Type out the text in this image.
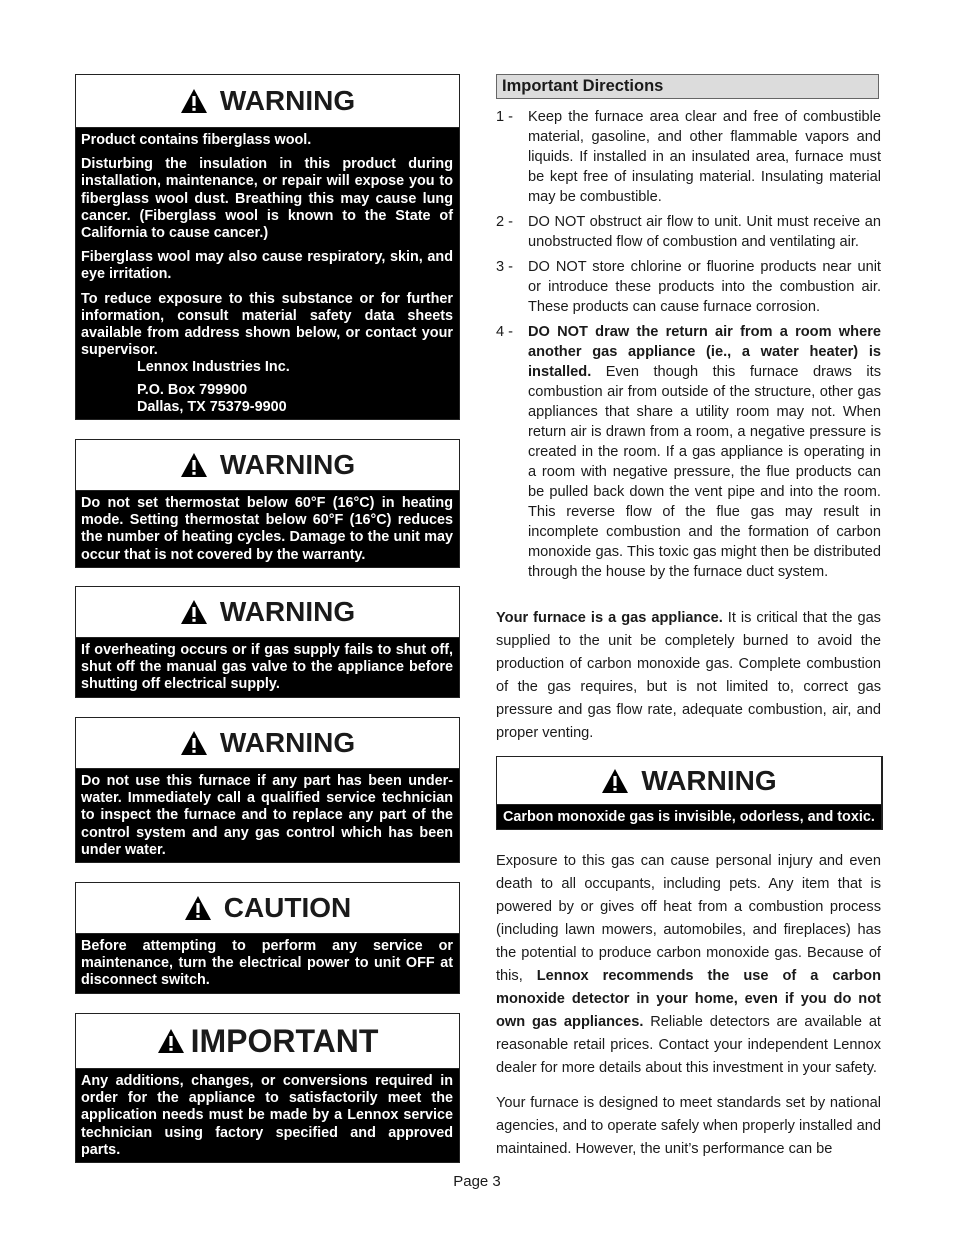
WARNING

Product contains fiberglass wool.

Disturbing the insulation in this product during installation, maintenance, or repair will expose you to fiberglass wool dust. Breathing this may cause lung cancer. (Fiberglass wool is known to the State of California to cause cancer.)

Fiberglass wool may also cause respiratory, skin, and eye irritation.

To reduce exposure to this substance or for further information, consult material safety data sheets available from address shown below, or contact your supervisor.

Lennox Industries Inc.
P.O. Box 799900
Dallas, TX 75379-9900
WARNING

Do not set thermostat below 60°F (16°C) in heating mode. Setting thermostat below 60°F (16°C) reduces the number of heating cycles. Damage to the unit may occur that is not covered by the warranty.

WARNING

If overheating occurs or if gas supply fails to shut off, shut off the manual gas valve to the appliance before shutting off electrical supply.

WARNING

Do not use this furnace if any part has been under-water. Immediately call a qualified service technician to inspect the furnace and to replace any part of the control system and any gas control which has been under water.

CAUTION

Before attempting to perform any service or maintenance, turn the electrical power to unit OFF at disconnect switch.

IMPORTANT

Any additions, changes, or conversions required in order for the appliance to satisfactorily meet the application needs must be made by a Lennox service technician using factory specified and approved parts.

Important Directions
1 -	Keep the furnace area clear and free of combustible material, gasoline, and other flammable vapors and liquids. If installed in an insulated area, furnace must be kept free of insulating material. Insulating material may be combustible.
2 -	DO NOT obstruct air flow to unit. Unit must receive an unobstructed flow of combustion and ventilating air.
3 -	DO NOT store chlorine or fluorine products near unit or introduce these products into the combustion air. These products can cause furnace corrosion.
4 -	DO NOT draw the return air from a room where another gas appliance (ie., a water heater) is installed. Even though this furnace draws its combustion air from outside of the structure, other gas appliances that share a utility room may not. When return air is drawn from a room, a negative pressure is created in the room. If a gas appliance is operating in a room with negative pressure, the flue products can be pulled back down the vent pipe and into the room. This reverse flow of the flue gas may result in incomplete combustion and the formation of carbon monoxide gas. This toxic gas might then be distributed through the house by the furnace duct system.
Your furnace is a gas appliance. It is critical that the gas supplied to the unit be completely burned to avoid the production of carbon monoxide gas. Complete combustion of the gas requires, but is not limited to, correct gas pressure and gas flow rate, adequate combustion, air, and proper venting.
WARNING

Carbon monoxide gas is invisible, odorless, and toxic.

Exposure to this gas can cause personal injury and even death to all occupants, including pets. Any item that is powered by or gives off heat from a combustion process (including lawn mowers, automobiles, and fireplaces) has the potential to produce carbon monoxide gas. Because of this, Lennox recommends the use of a carbon monoxide detector in your home, even if you do not own gas appliances. Reliable detectors are available at reasonable retail prices. Contact your independent Lennox dealer for more details about this investment in your safety.
Your furnace is designed to meet standards set by national agencies, and to operate safely when properly installed and maintained. However, the unit’s performance can be
Page 3
